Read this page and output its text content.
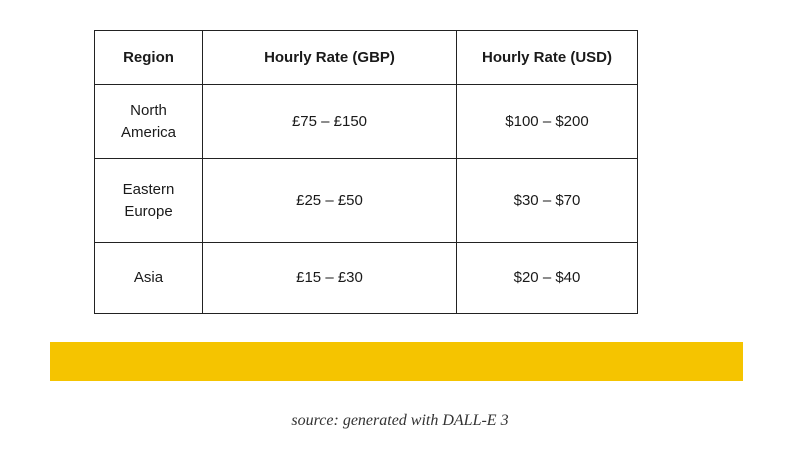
Region	Hourly Rate (GBP)	Hourly Rate (USD)
North America	£75 – £150	$100 – $200
Eastern Europe	£25 – £50	$30 – $70
Asia	£15 – £30	$20 – $40
source: generated with DALL-E 3
